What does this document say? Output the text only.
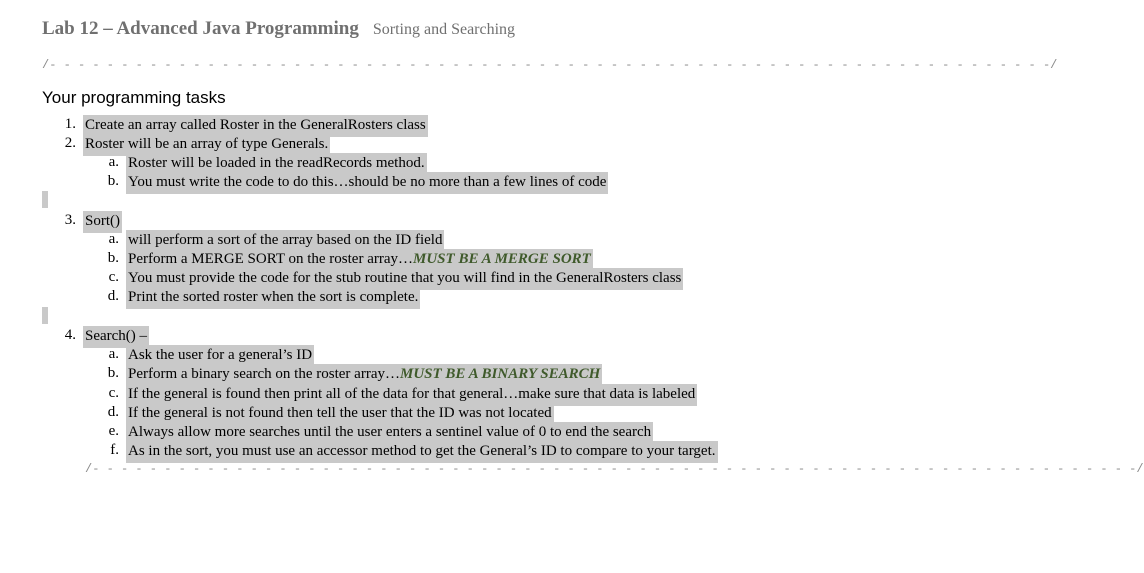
Lab 12 – Advanced Java Programming Sorting and Searching
/- - - - - - - - - - - - - - - - - - - - - - - - - - - - - - - - - - - - - - - - - - - - - - - - - - - - - - - - - - - - - - - - - - - - - -/
Your programming tasks
1. Create an array called Roster in the GeneralRosters class
2. Roster will be an array of type Generals.
a. Roster will be loaded in the readRecords method.
b. You must write the code to do this…should be no more than a few lines of code
3. Sort()
a. will perform a sort of the array based on the ID field
b. Perform a MERGE SORT on the roster array…MUST BE A MERGE SORT
c. You must provide the code for the stub routine that you will find in the GeneralRosters class
d. Print the sorted roster when the sort is complete.
4. Search() –
a. Ask the user for a general’s ID
b. Perform a binary search on the roster array…MUST BE A BINARY SEARCH
c. If the general is found then print all of the data for that general…make sure that data is labeled
d. If the general is not found then tell the user that the ID was not located
e. Always allow more searches until the user enters a sentinel value of 0 to end the search
f. As in the sort, you must use an accessor method to get the General’s ID to compare to your target.
/- - - - - - - - - - - - - - - - - - - - - - - - - - - - - - - - - - - - - - - - - - - - - - - - - - - - - - - - - - - - - - - - - - - - - - - - -/
